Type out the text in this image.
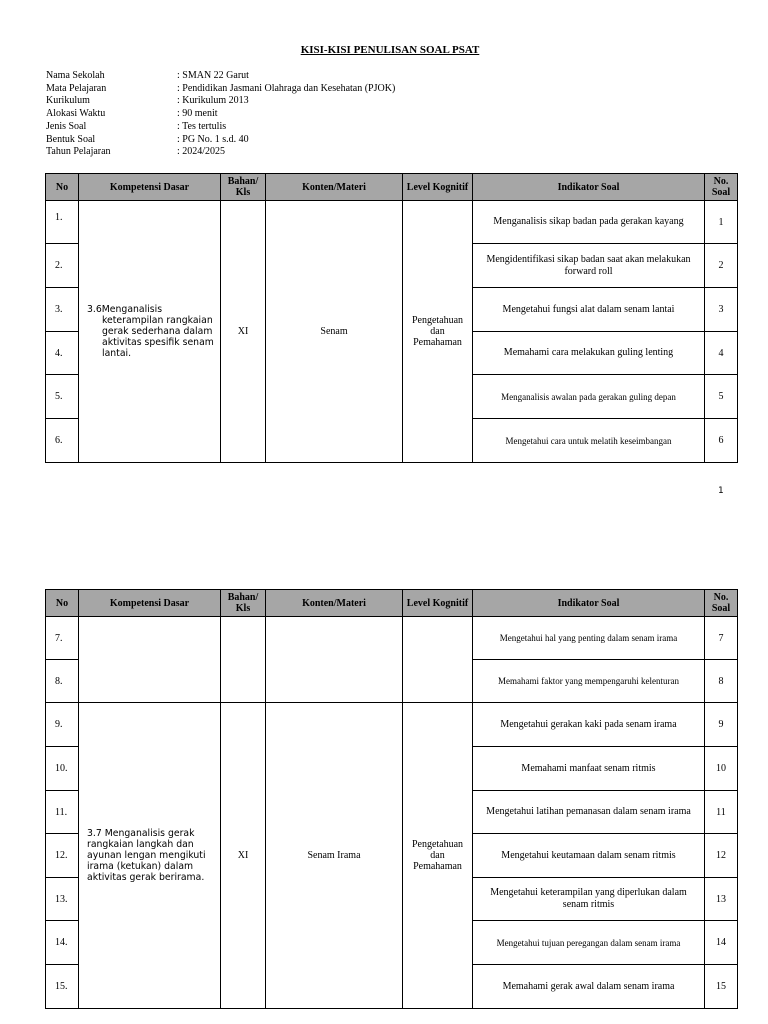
KISI-KISI PENULISAN SOAL PSAT
Nama Sekolah	: SMAN 22 Garut
Mata Pelajaran	: Pendidikan Jasmani Olahraga dan Kesehatan (PJOK)
Kurikulum	: Kurikulum 2013
Alokasi Waktu	: 90 menit
Jenis Soal	: Tes tertulis
Bentuk Soal	: PG No. 1 s.d. 40
Tahun Pelajaran	: 2024/2025
No	Kompetensi Dasar	Bahan/ Kls	Konten/Materi	Level Kognitif	Indikator Soal	No. Soal
1.	3.6Menganalisis keterampilan rangkaian gerak sederhana dalam aktivitas spesifik senam lantai.	XI	Senam	Pengetahuan dan Pemahaman	Menganalisis sikap badan pada gerakan kayang	1
2.					Mengidentifikasi sikap badan saat akan melakukan forward roll	2
3.					Mengetahui fungsi alat dalam senam lantai	3
4.					Memahami cara melakukan guling lenting	4
5.					Menganalisis awalan pada gerakan guling depan	5
6.					Mengetahui cara untuk melatih keseimbangan	6
1
No	Kompetensi Dasar	Bahan/ Kls	Konten/Materi	Level Kognitif	Indikator Soal	No. Soal
7.					Mengetahui hal yang penting dalam senam irama	7
8.					Memahami faktor yang mempengaruhi kelenturan	8
9.	3.7 Menganalisis gerak rangkaian langkah dan ayunan lengan mengikuti irama (ketukan) dalam aktivitas gerak berirama.	XI	Senam Irama	Pengetahuan dan Pemahaman	Mengetahui gerakan kaki pada senam irama	9
10.					Memahami manfaat senam ritmis	10
11.					Mengetahui latihan pemanasan dalam senam irama	11
12.					Mengetahui keutamaan dalam senam ritmis	12
13.					Mengetahui keterampilan yang diperlukan dalam senam ritmis	13
14.					Mengetahui tujuan peregangan dalam senam irama	14
15.					Memahami gerak awal dalam senam irama	15
